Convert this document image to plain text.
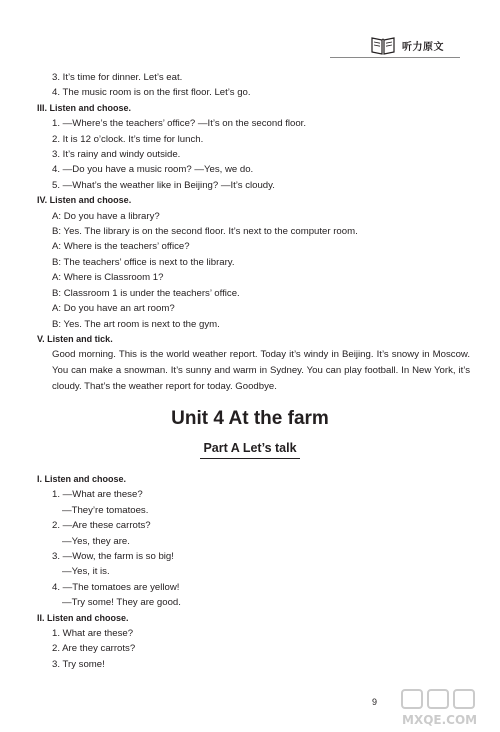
听力原文
3. It’s time for dinner. Let’s eat.
4. The music room is on the first floor. Let’s go.
III. Listen and choose.
1. —Where’s the teachers’ office? —It’s on the second floor.
2. It is 12 o’clock. It’s time for lunch.
3. It’s rainy and windy outside.
4. —Do you have a music room? —Yes, we do.
5. —What’s the weather like in Beijing? —It’s cloudy.
IV. Listen and choose.
A: Do you have a library?
B: Yes. The library is on the second floor. It’s next to the computer room.
A: Where is the teachers’ office?
B: The teachers’ office is next to the library.
A: Where is Classroom 1?
B: Classroom 1 is under the teachers’ office.
A: Do you have an art room?
B: Yes. The art room is next to the gym.
V. Listen and tick.
Good morning. This is the world weather report. Today it’s windy in Beijing. It’s snowy in Moscow. You can make a snowman. It’s sunny and warm in Sydney. You can play football. In New York, it’s cloudy. That’s the weather report for today. Goodbye.
Unit 4 At the farm
Part A Let’s talk
I. Listen and choose.
1. —What are these?
—They’re tomatoes.
2. —Are these carrots?
—Yes, they are.
3. —Wow, the farm is so big!
—Yes, it is.
4. —The tomatoes are yellow!
—Try some! They are good.
II. Listen and choose.
1. What are these?
2. Are they carrots?
3. Try some!
9
MXQE.COM
